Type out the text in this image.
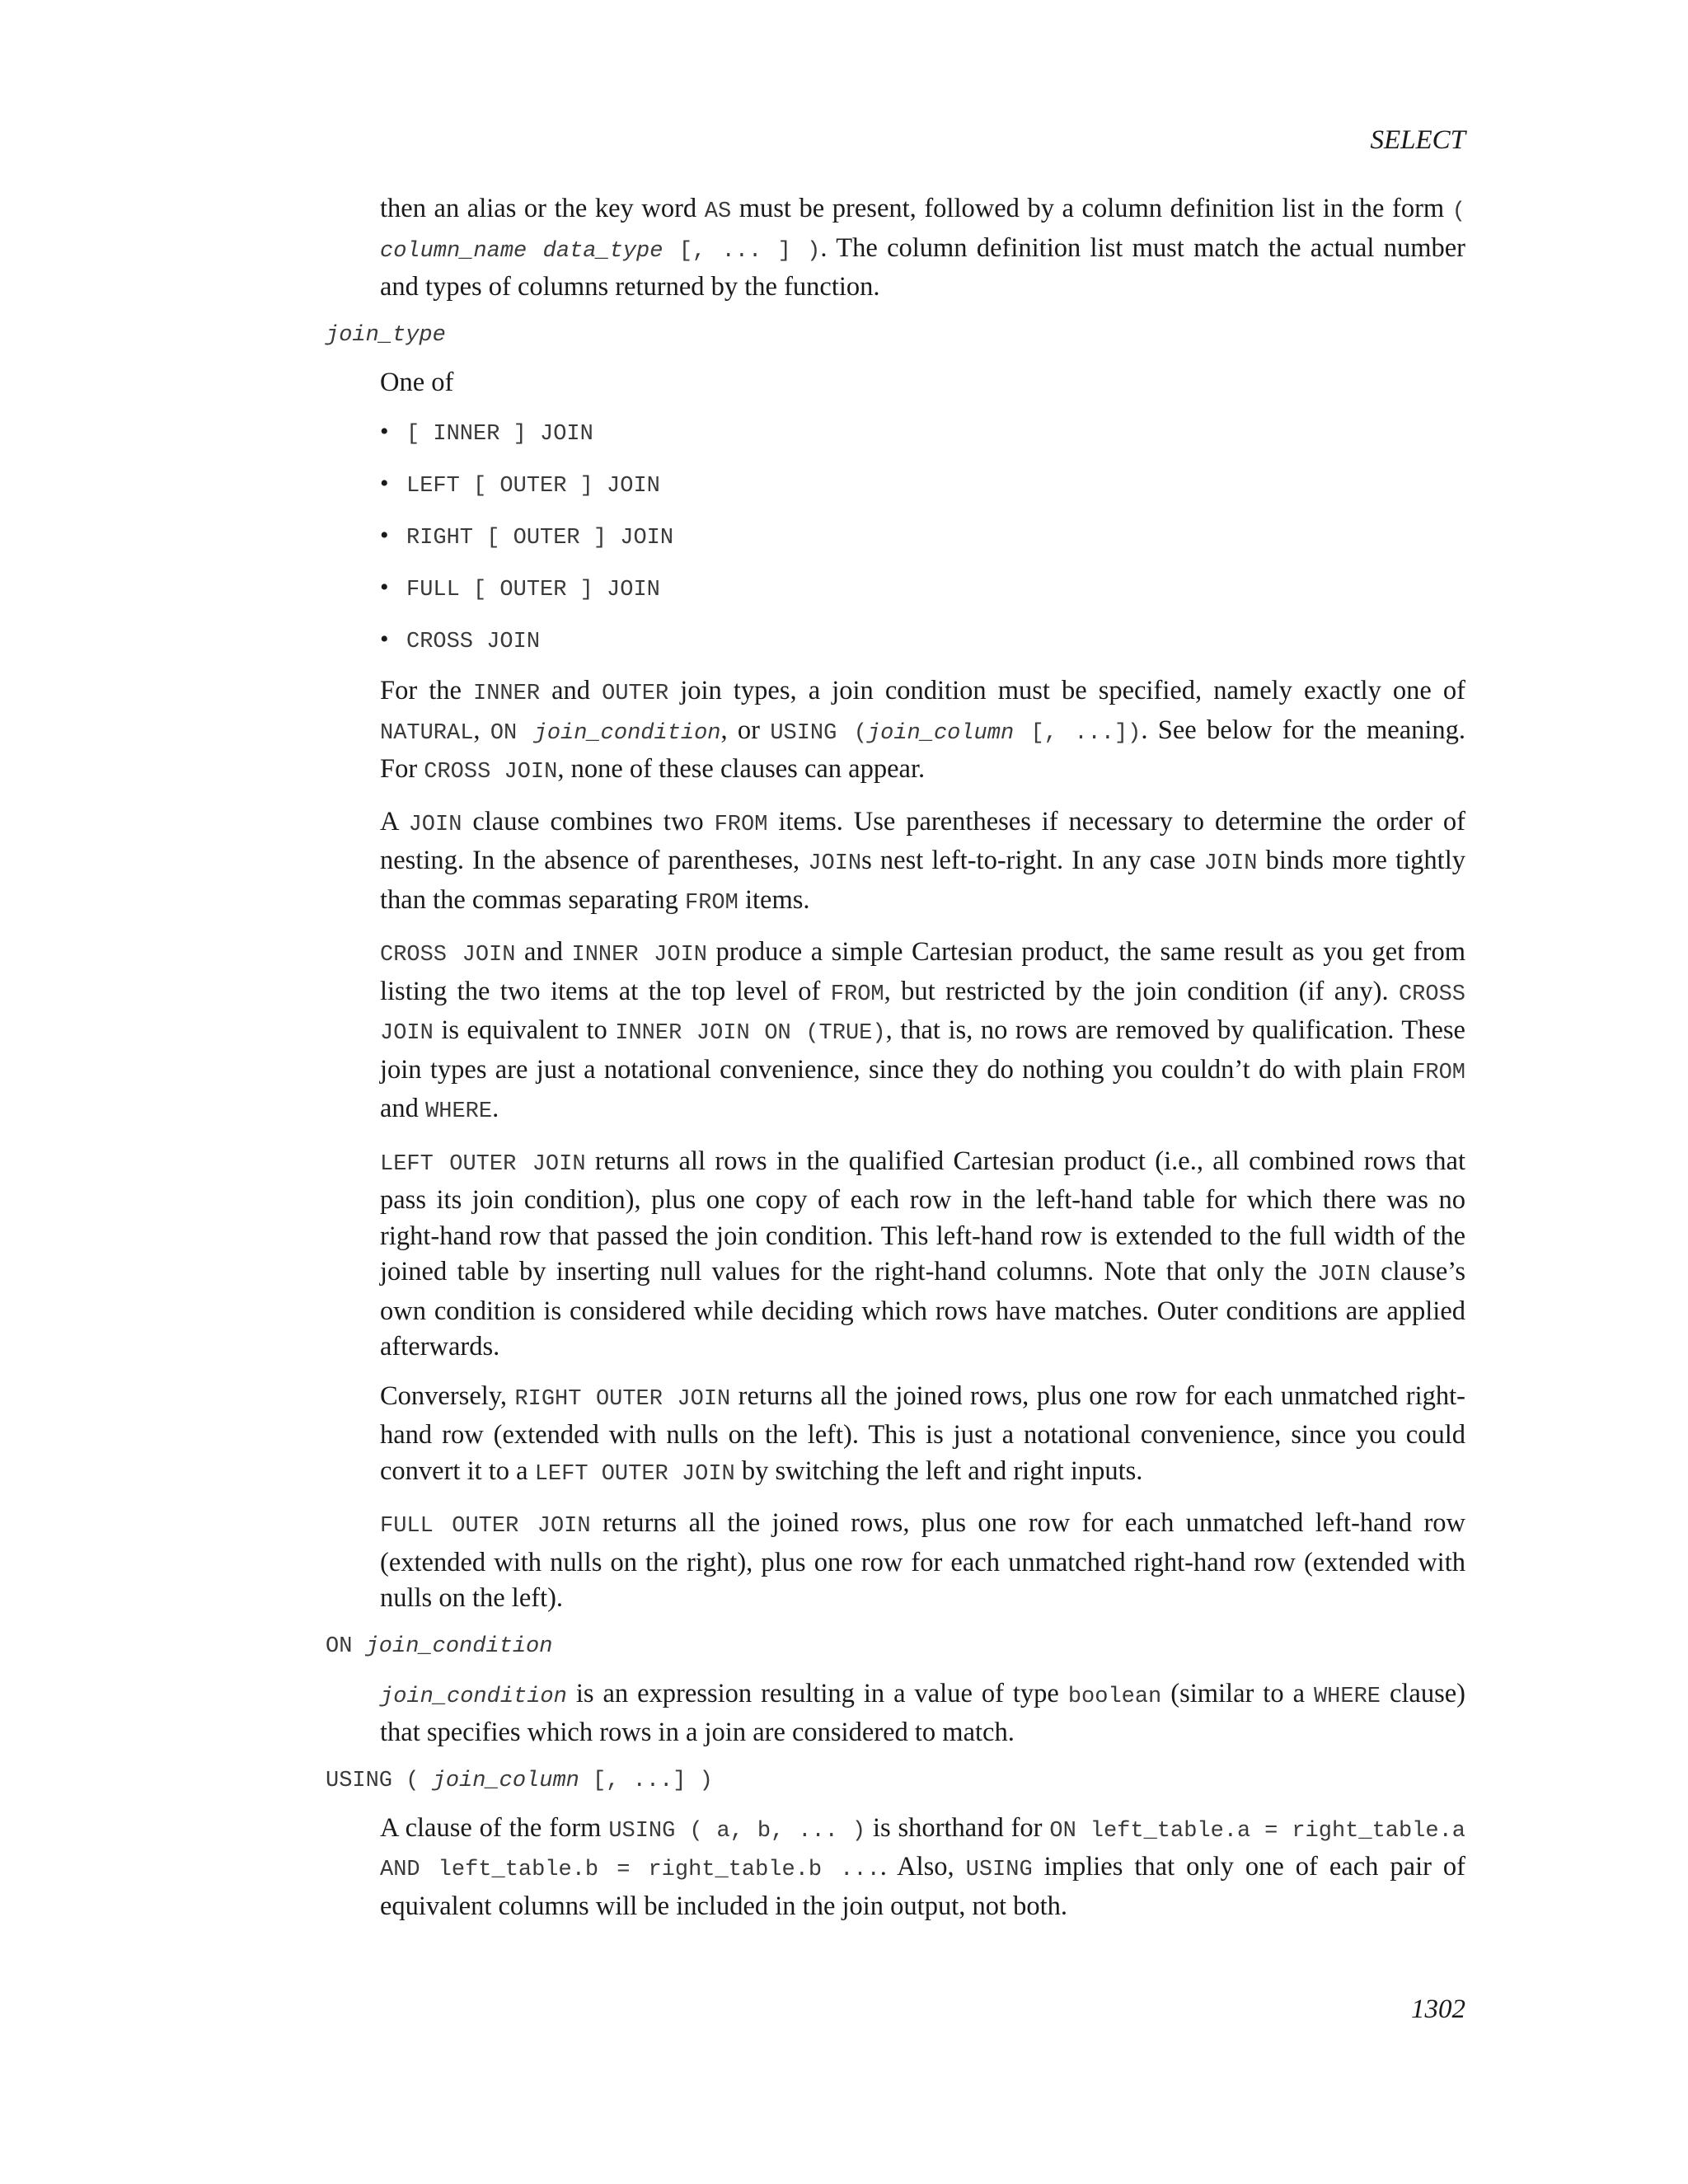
SELECT

then an alias or the key word AS must be present, followed by a column definition list in the form ( column_name data_type [, ... ] ). The column definition list must match the actual number and types of columns returned by the function.

join_type

One of

• [ INNER ] JOIN
• LEFT [ OUTER ] JOIN
• RIGHT [ OUTER ] JOIN
• FULL [ OUTER ] JOIN
• CROSS JOIN

For the INNER and OUTER join types, a join condition must be specified, namely exactly one of NATURAL, ON join_condition, or USING (join_column [, ...]). See below for the meaning. For CROSS JOIN, none of these clauses can appear.

A JOIN clause combines two FROM items. Use parentheses if necessary to determine the order of nesting. In the absence of parentheses, JOINs nest left-to-right. In any case JOIN binds more tightly than the commas separating FROM items.

CROSS JOIN and INNER JOIN produce a simple Cartesian product, the same result as you get from listing the two items at the top level of FROM, but restricted by the join condition (if any). CROSS JOIN is equivalent to INNER JOIN ON (TRUE), that is, no rows are removed by qualification. These join types are just a notational convenience, since they do nothing you couldn’t do with plain FROM and WHERE.

LEFT OUTER JOIN returns all rows in the qualified Cartesian product (i.e., all combined rows that pass its join condition), plus one copy of each row in the left-hand table for which there was no right-hand row that passed the join condition. This left-hand row is extended to the full width of the joined table by inserting null values for the right-hand columns. Note that only the JOIN clause’s own condition is considered while deciding which rows have matches. Outer conditions are applied afterwards.

Conversely, RIGHT OUTER JOIN returns all the joined rows, plus one row for each unmatched right-hand row (extended with nulls on the left). This is just a notational convenience, since you could convert it to a LEFT OUTER JOIN by switching the left and right inputs.

FULL OUTER JOIN returns all the joined rows, plus one row for each unmatched left-hand row (extended with nulls on the right), plus one row for each unmatched right-hand row (extended with nulls on the left).

ON join_condition

join_condition is an expression resulting in a value of type boolean (similar to a WHERE clause) that specifies which rows in a join are considered to match.

USING ( join_column [, ...] )

A clause of the form USING ( a, b, ... ) is shorthand for ON left_table.a = right_table.a AND left_table.b = right_table.b .... Also, USING implies that only one of each pair of equivalent columns will be included in the join output, not both.

1302
